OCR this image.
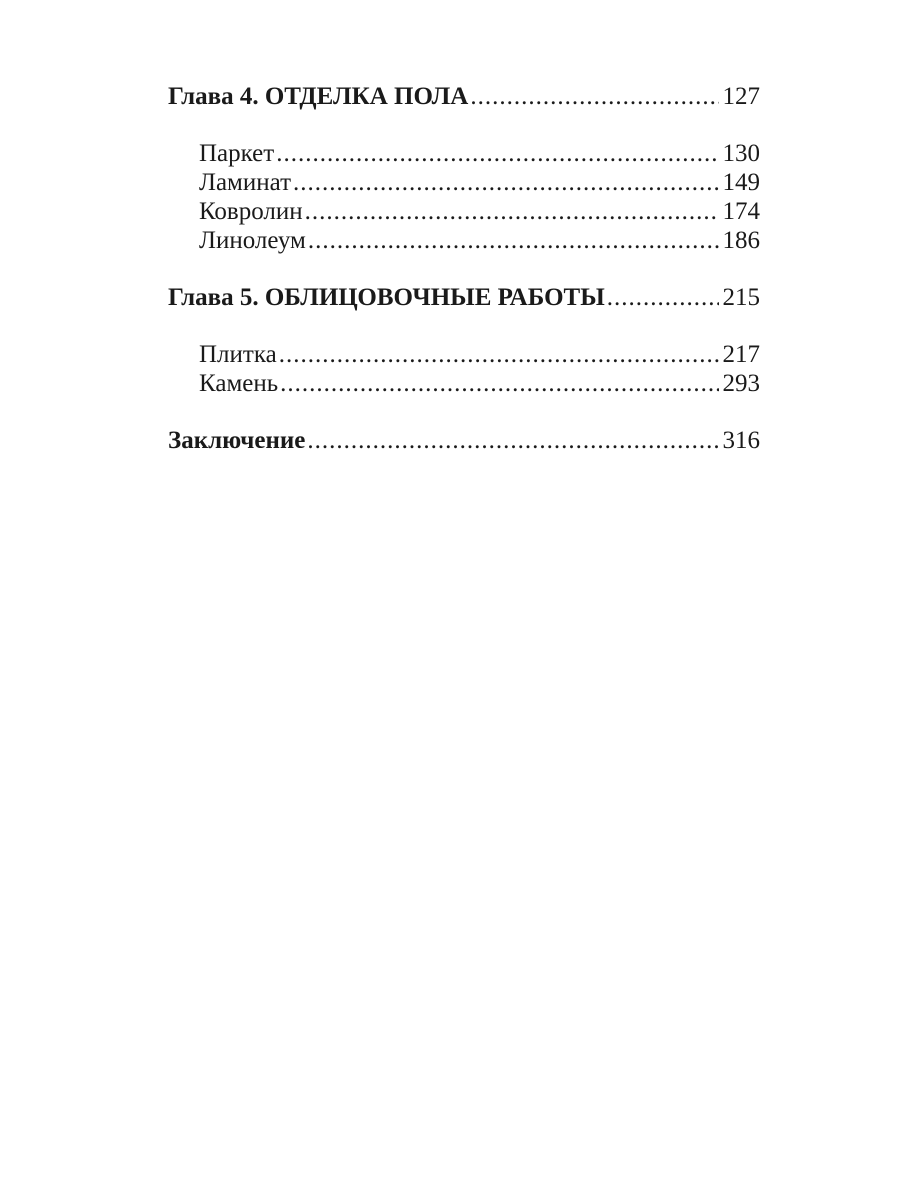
Глава 4. ОТДЕЛКА ПОЛА .....	127
Паркет .....	130
Ламинат .....	149
Ковролин .....	174
Линолеум .....	186
Глава 5. ОБЛИЦОВОЧНЫЕ РАБОТЫ .....	215
Плитка .....	217
Камень .....	293
Заключение .....	316
